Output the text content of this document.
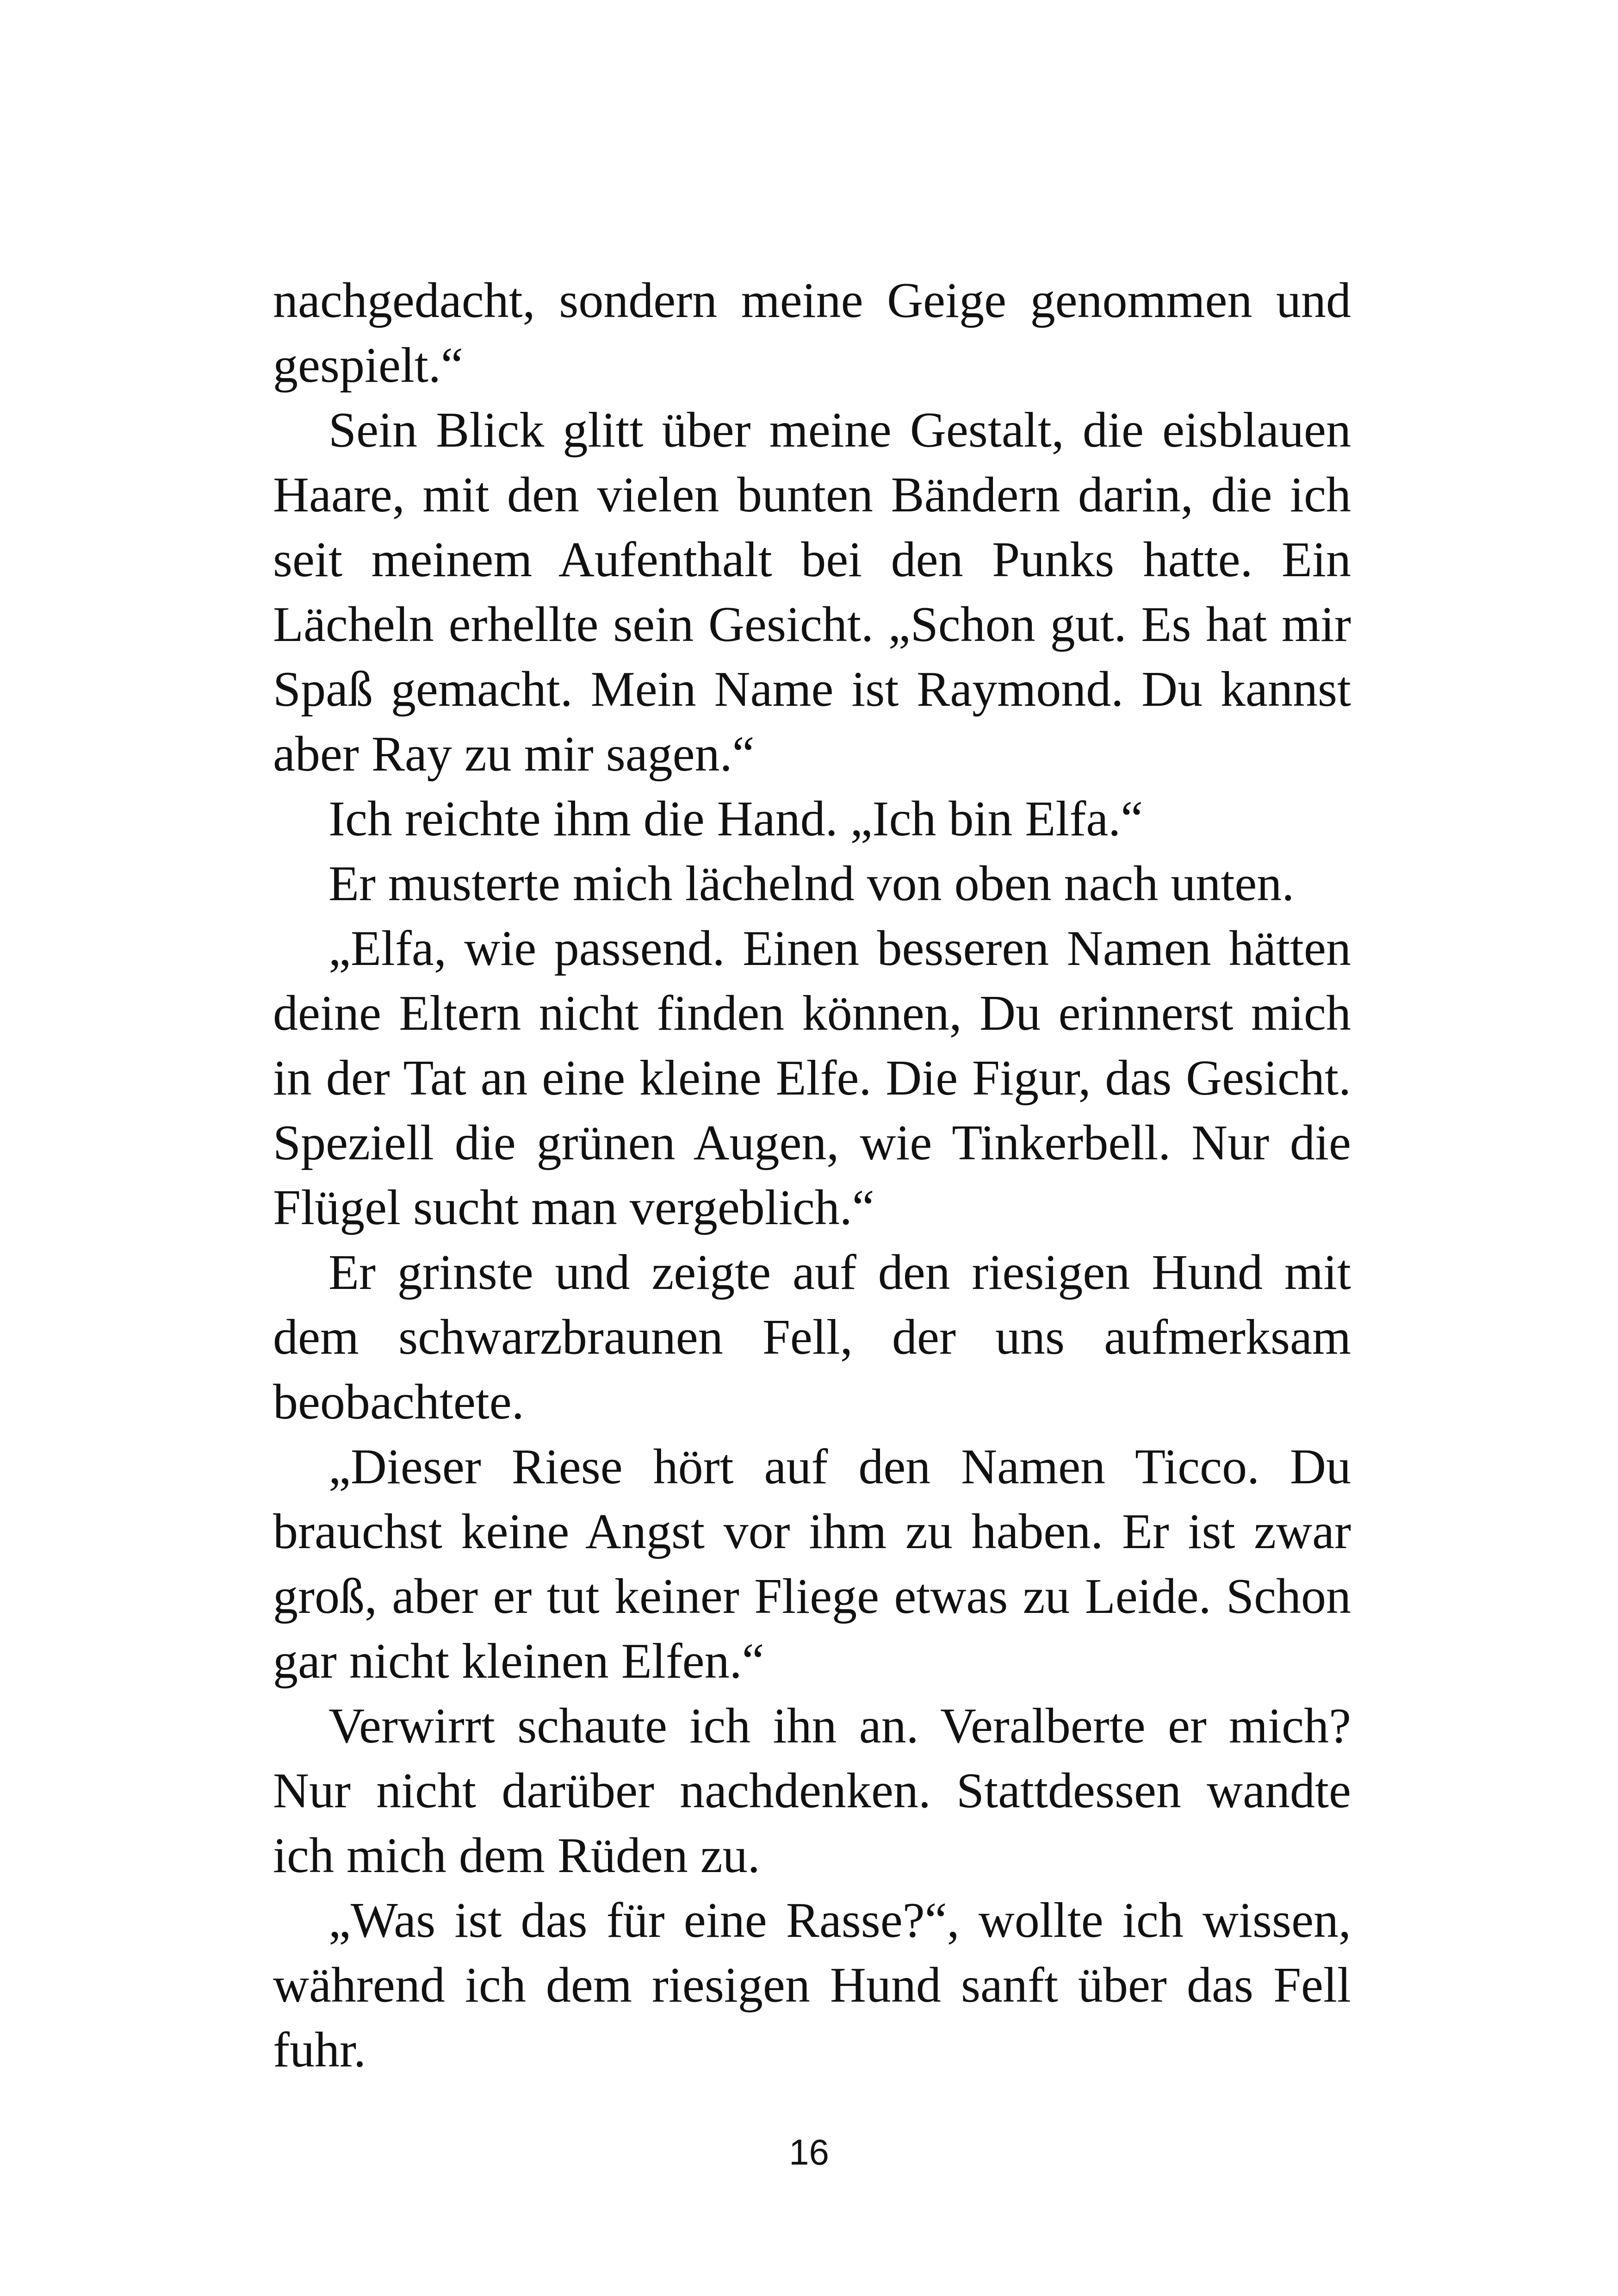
nachgedacht, sondern meine Geige genommen und gespielt.“

Sein Blick glitt über meine Gestalt, die eisblauen Haare, mit den vielen bunten Bändern darin, die ich seit meinem Aufenthalt bei den Punks hatte. Ein Lächeln erhellte sein Gesicht. „Schon gut. Es hat mir Spaß gemacht. Mein Name ist Raymond. Du kannst aber Ray zu mir sagen.“

Ich reichte ihm die Hand. „Ich bin Elfa.“

Er musterte mich lächelnd von oben nach unten.

„Elfa, wie passend. Einen besseren Namen hätten deine Eltern nicht finden können, Du erinnerst mich in der Tat an eine kleine Elfe. Die Figur, das Gesicht. Speziell die grünen Augen, wie Tinkerbell. Nur die Flügel sucht man vergeblich.“

Er grinste und zeigte auf den riesigen Hund mit dem schwarzbraunen Fell, der uns aufmerksam beobachtete.

„Dieser Riese hört auf den Namen Ticco. Du brauchst keine Angst vor ihm zu haben. Er ist zwar groß, aber er tut keiner Fliege etwas zu Leide. Schon gar nicht kleinen Elfen.“

Verwirrt schaute ich ihn an. Veralberte er mich? Nur nicht darüber nachdenken. Stattdessen wandte ich mich dem Rüden zu.

„Was ist das für eine Rasse?“, wollte ich wissen, während ich dem riesigen Hund sanft über das Fell fuhr.

16
